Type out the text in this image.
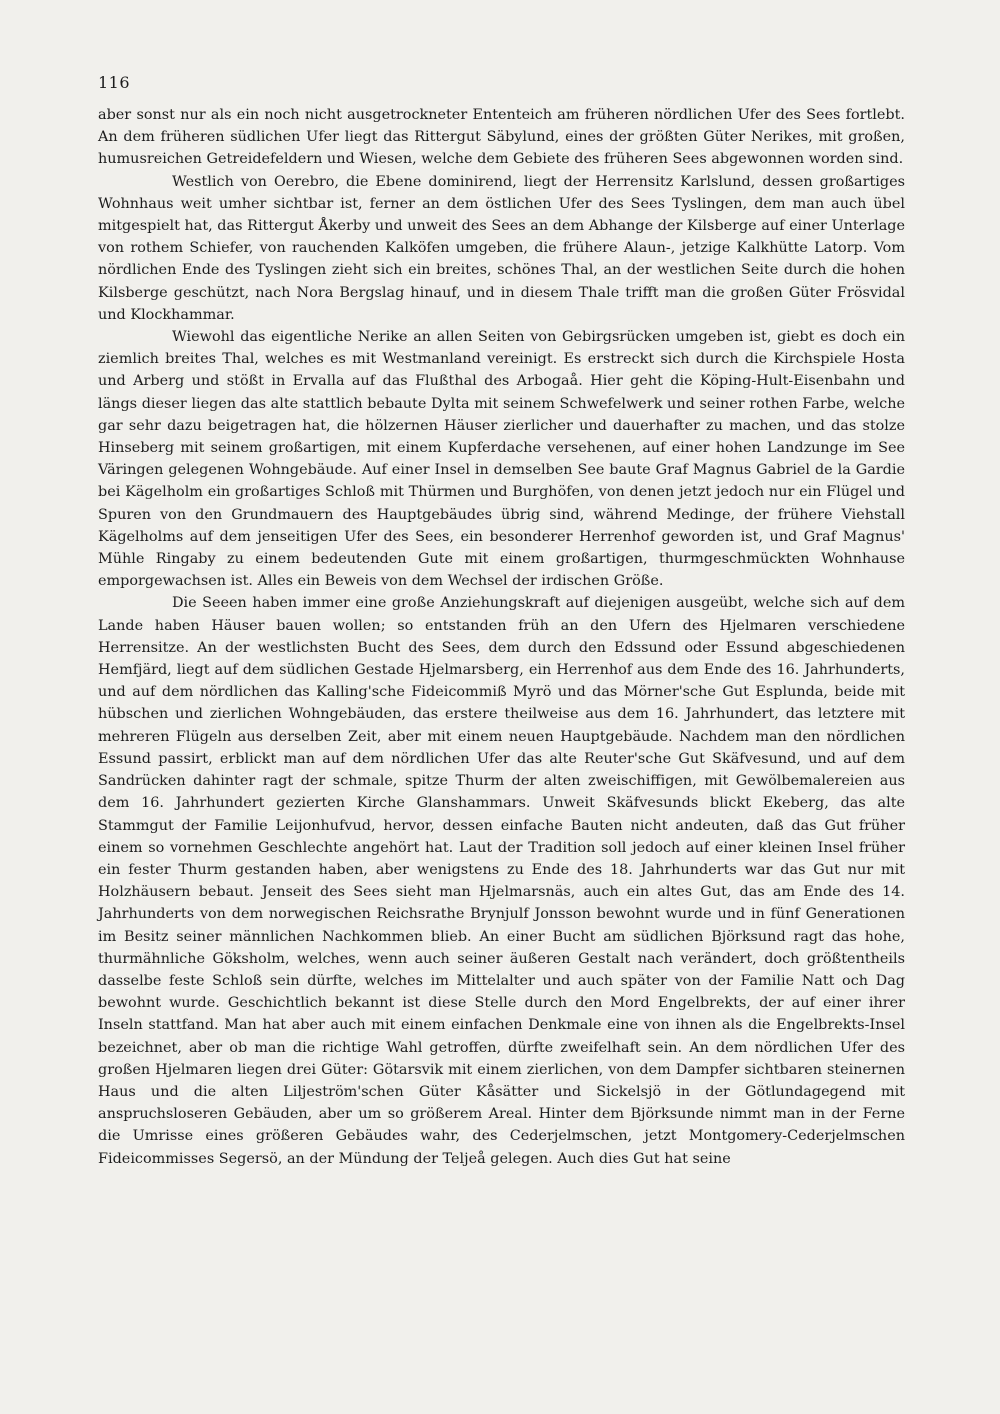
116

aber sonst nur als ein noch nicht ausgetrockneter Ententeich am früheren nördlichen Ufer des Sees fortlebt. An dem früheren südlichen Ufer liegt das Rittergut Säbylund, eines der größten Güter Nerikes, mit großen, humusreichen Getreidefeldern und Wiesen, welche dem Gebiete des früheren Sees abgewonnen worden sind.

Westlich von Oerebro, die Ebene dominirend, liegt der Herrensitz Karlslund, dessen großartiges Wohnhaus weit umher sichtbar ist, ferner an dem östlichen Ufer des Sees Tyslingen, dem man auch übel mitgespielt hat, das Rittergut Åkerby und unweit des Sees an dem Abhange der Kilsberge auf einer Unterlage von rothem Schiefer, von rauchenden Kalköfen umgeben, die frühere Alaun-, jetzige Kalkhütte Latorp. Vom nördlichen Ende des Tyslingen zieht sich ein breites, schönes Thal, an der westlichen Seite durch die hohen Kilsberge geschützt, nach Nora Bergslag hinauf, und in diesem Thale trifft man die großen Güter Frösvidal und Klockhammar.

Wiewohl das eigentliche Nerike an allen Seiten von Gebirgsrücken umgeben ist, giebt es doch ein ziemlich breites Thal, welches es mit Westmanland vereinigt. Es erstreckt sich durch die Kirchspiele Hosta und Arberg und stößt in Ervalla auf das Flußthal des Arbogaå. Hier geht die Köping-Hult-Eisenbahn und längs dieser liegen das alte stattlich bebaute Dylta mit seinem Schwefelwerk und seiner rothen Farbe, welche gar sehr dazu beigetragen hat, die hölzernen Häuser zierlicher und dauerhafter zu machen, und das stolze Hinseberg mit seinem großartigen, mit einem Kupferdache versehenen, auf einer hohen Landzunge im See Väringen gelegenen Wohngebäude. Auf einer Insel in demselben See baute Graf Magnus Gabriel de la Gardie bei Kägelholm ein großartiges Schloß mit Thürmen und Burghöfen, von denen jetzt jedoch nur ein Flügel und Spuren von den Grundmauern des Hauptgebäudes übrig sind, während Medinge, der frühere Viehstall Kägelholms auf dem jenseitigen Ufer des Sees, ein besonderer Herrenhof geworden ist, und Graf Magnus' Mühle Ringaby zu einem bedeutenden Gute mit einem großartigen, thurmgeschmückten Wohnhause emporgewachsen ist. Alles ein Beweis von dem Wechsel der irdischen Größe.

Die Seeen haben immer eine große Anziehungskraft auf diejenigen ausgeübt, welche sich auf dem Lande haben Häuser bauen wollen; so entstanden früh an den Ufern des Hjelmaren verschiedene Herrensitze. An der westlichsten Bucht des Sees, dem durch den Edssund oder Essund abgeschiedenen Hemfjärd, liegt auf dem südlichen Gestade Hjelmarsberg, ein Herrenhof aus dem Ende des 16. Jahrhunderts, und auf dem nördlichen das Kalling'sche Fideicommiß Myrö und das Mörner'sche Gut Esplunda, beide mit hübschen und zierlichen Wohngebäuden, das erstere theilweise aus dem 16. Jahrhundert, das letztere mit mehreren Flügeln aus derselben Zeit, aber mit einem neuen Hauptgebäude. Nachdem man den nördlichen Essund passirt, erblickt man auf dem nördlichen Ufer das alte Reuter'sche Gut Skäfvesund, und auf dem Sandrücken dahinter ragt der schmale, spitze Thurm der alten zweischiffigen, mit Gewölbemalereien aus dem 16. Jahrhundert gezierten Kirche Glanshammars. Unweit Skäfvesunds blickt Ekeberg, das alte Stammgut der Familie Leijonhufvud, hervor, dessen einfache Bauten nicht andeuten, daß das Gut früher einem so vornehmen Geschlechte angehört hat. Laut der Tradition soll jedoch auf einer kleinen Insel früher ein fester Thurm gestanden haben, aber wenigstens zu Ende des 18. Jahrhunderts war das Gut nur mit Holzhäusern bebaut. Jenseit des Sees sieht man Hjelmarsnäs, auch ein altes Gut, das am Ende des 14. Jahrhunderts von dem norwegischen Reichsrathe Brynjulf Jonsson bewohnt wurde und in fünf Generationen im Besitz seiner männlichen Nachkommen blieb. An einer Bucht am südlichen Björksund ragt das hohe, thurmähnliche Göksholm, welches, wenn auch seiner äußeren Gestalt nach verändert, doch größtentheils dasselbe feste Schloß sein dürfte, welches im Mittelalter und auch später von der Familie Natt och Dag bewohnt wurde. Geschichtlich bekannt ist diese Stelle durch den Mord Engelbrekts, der auf einer ihrer Inseln stattfand. Man hat aber auch mit einem einfachen Denkmale eine von ihnen als die Engelbrekts-Insel bezeichnet, aber ob man die richtige Wahl getroffen, dürfte zweifelhaft sein. An dem nördlichen Ufer des großen Hjelmaren liegen drei Güter: Götarsvik mit einem zierlichen, von dem Dampfer sichtbaren steinernen Haus und die alten Liljeström'schen Güter Kåsätter und Sickelsjö in der Götlundagegend mit anspruchsloseren Gebäuden, aber um so größerem Areal. Hinter dem Björksunde nimmt man in der Ferne die Umrisse eines größeren Gebäudes wahr, des Cederjelmschen, jetzt Montgomery-Cederjelmschen Fideicommisses Segersö, an der Mündung der Teljeå gelegen. Auch dies Gut hat seine
